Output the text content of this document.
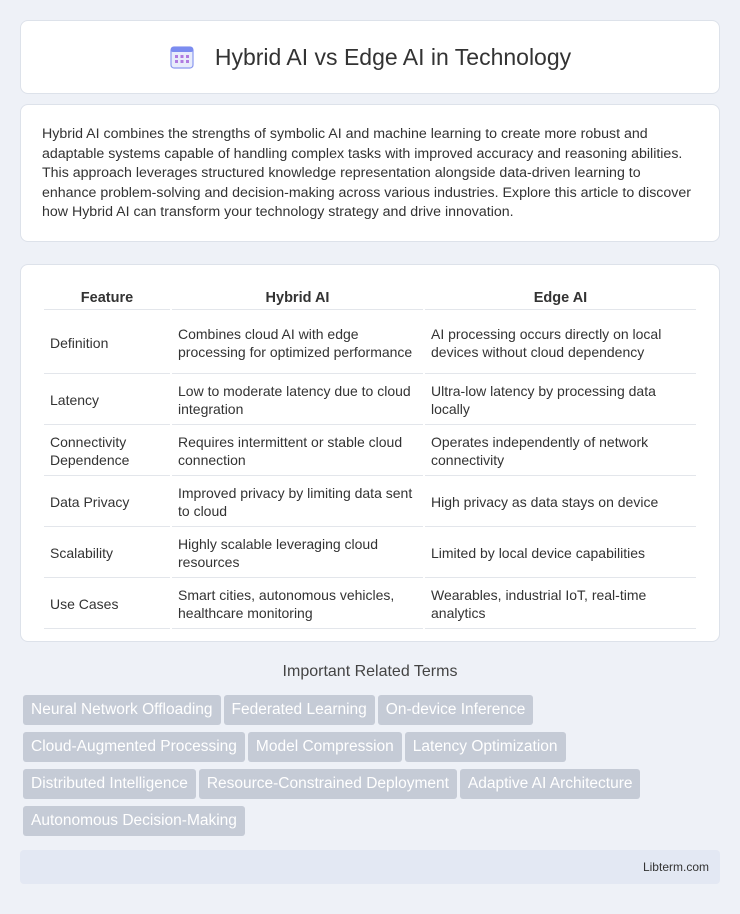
Hybrid AI vs Edge AI in Technology

Hybrid AI combines the strengths of symbolic AI and machine learning to create more robust and adaptable systems capable of handling complex tasks with improved accuracy and reasoning abilities. This approach leverages structured knowledge representation alongside data-driven learning to enhance problem-solving and decision-making across various industries. Explore this article to discover how Hybrid AI can transform your technology strategy and drive innovation.

Feature	Hybrid AI	Edge AI
Definition	Combines cloud AI with edge processing for optimized performance	AI processing occurs directly on local devices without cloud dependency
Latency	Low to moderate latency due to cloud integration	Ultra-low latency by processing data locally
Connectivity Dependence	Requires intermittent or stable cloud connection	Operates independently of network connectivity
Data Privacy	Improved privacy by limiting data sent to cloud	High privacy as data stays on device
Scalability	Highly scalable leveraging cloud resources	Limited by local device capabilities
Use Cases	Smart cities, autonomous vehicles, healthcare monitoring	Wearables, industrial IoT, real-time analytics
Important Related Terms
Neural Network Offloading Federated Learning On-device Inference
Cloud-Augmented Processing Model Compression Latency Optimization
Distributed Intelligence Resource-Constrained Deployment Adaptive AI Architecture
Autonomous Decision-Making
Libterm.com
